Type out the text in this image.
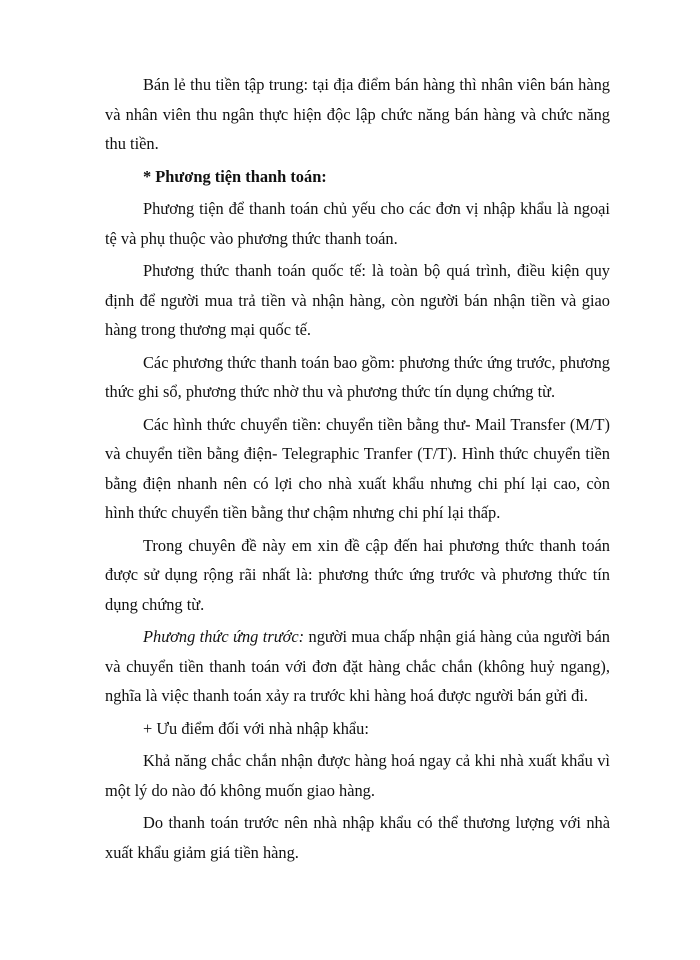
Bán lẻ thu tiền tập trung: tại địa điểm bán hàng thì nhân viên bán hàng và nhân viên thu ngân thực hiện độc lập chức năng bán hàng và chức năng thu tiền.

* Phương tiện thanh toán:

Phương tiện để thanh toán chủ yếu cho các đơn vị nhập khẩu là ngoại tệ và phụ thuộc vào phương thức thanh toán.

Phương thức thanh toán quốc tế: là toàn bộ quá trình, điều kiện quy định để người mua trả tiền và nhận hàng, còn người bán nhận tiền và giao hàng trong thương mại quốc tế.

Các phương thức thanh toán bao gồm: phương thức ứng trước, phương thức ghi sổ, phương thức nhờ thu và phương thức tín dụng chứng từ.

Các hình thức chuyển tiền: chuyển tiền bằng thư- Mail Transfer (M/T) và chuyển tiền bằng điện- Telegraphic Tranfer (T/T). Hình thức chuyển tiền bằng điện nhanh nên có lợi cho nhà xuất khẩu nhưng chi phí lại cao, còn hình thức chuyển tiền bằng thư chậm nhưng chi phí lại thấp.

Trong chuyên đề này em xin đề cập đến hai phương thức thanh toán được sử dụng rộng rãi nhất là: phương thức ứng trước và phương thức tín dụng chứng từ.

Phương thức ứng trước: người mua chấp nhận giá hàng của người bán và chuyển tiền thanh toán với đơn đặt hàng chắc chắn (không huỷ ngang), nghĩa là việc thanh toán xảy ra trước khi hàng hoá được người bán gửi đi.

+ Ưu điểm đối với nhà nhập khẩu:

Khả năng chắc chắn nhận được hàng hoá ngay cả khi nhà xuất khẩu vì một lý do nào đó không muốn giao hàng.

Do thanh toán trước nên nhà nhập khẩu có thể thương lượng với nhà xuất khẩu giảm giá tiền hàng.
